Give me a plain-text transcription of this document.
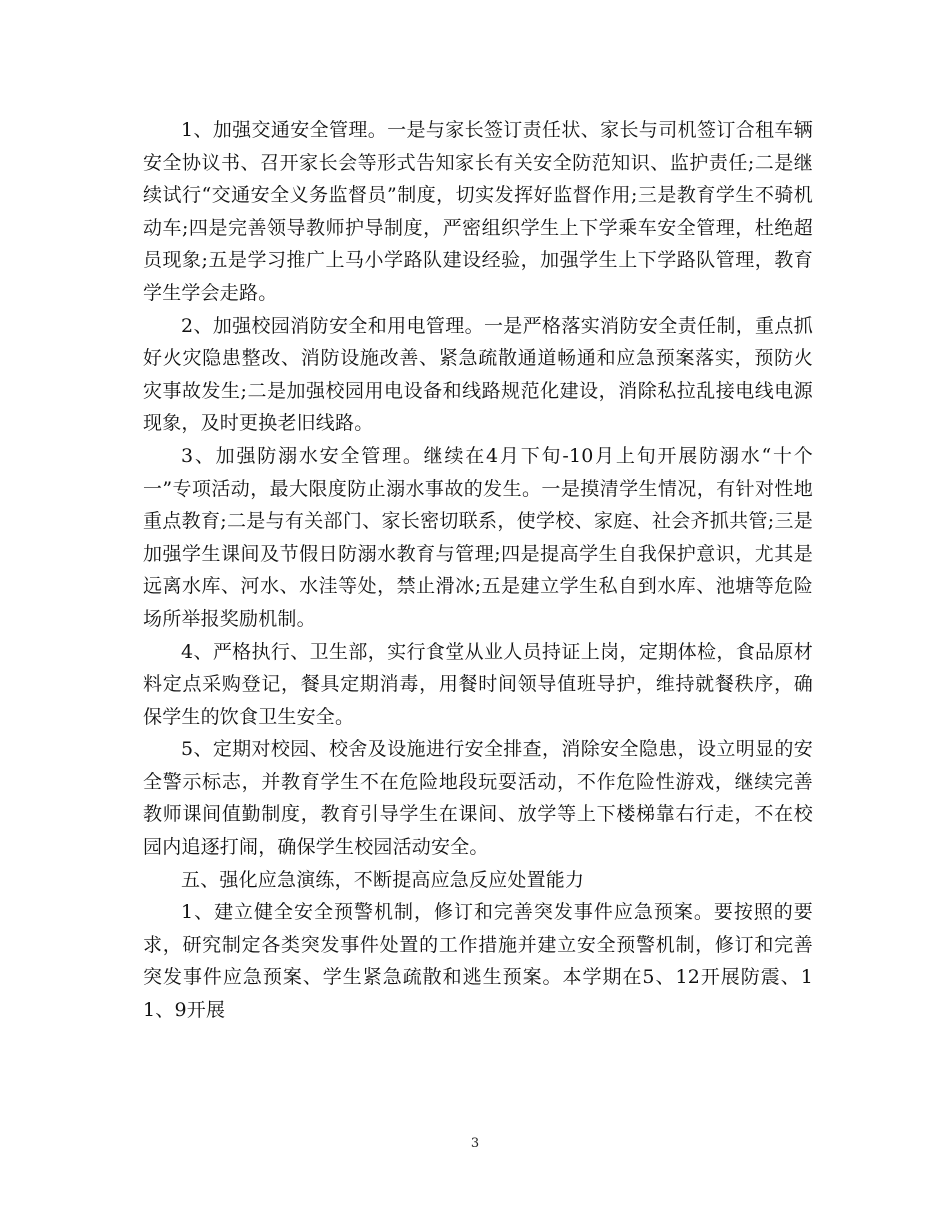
1、加强交通安全管理。一是与家长签订责任状、家长与司机签订合租车辆安全协议书、召开家长会等形式告知家长有关安全防范知识、监护责任;二是继续试行“交通安全义务监督员”制度，切实发挥好监督作用;三是教育学生不骑机动车;四是完善领导教师护导制度，严密组织学生上下学乘车安全管理，杜绝超员现象;五是学习推广上马小学路队建设经验，加强学生上下学路队管理，教育学生学会走路。

2、加强校园消防安全和用电管理。一是严格落实消防安全责任制，重点抓好火灾隐患整改、消防设施改善、紧急疏散通道畅通和应急预案落实，预防火灾事故发生;二是加强校园用电设备和线路规范化建设，消除私拉乱接电线电源现象，及时更换老旧线路。

3、加强防溺水安全管理。继续在4月下旬-10月上旬开展防溺水“十个一”专项活动，最大限度防止溺水事故的发生。一是摸清学生情况，有针对性地重点教育;二是与有关部门、家长密切联系，使学校、家庭、社会齐抓共管;三是加强学生课间及节假日防溺水教育与管理;四是提高学生自我保护意识，尤其是远离水库、河水、水洼等处，禁止滑冰;五是建立学生私自到水库、池塘等危险场所举报奖励机制。

4、严格执行、卫生部，实行食堂从业人员持证上岗，定期体检，食品原材料定点采购登记，餐具定期消毒，用餐时间领导值班导护，维持就餐秩序，确保学生的饮食卫生安全。

5、定期对校园、校舍及设施进行安全排查，消除安全隐患，设立明显的安全警示标志，并教育学生不在危险地段玩耍活动，不作危险性游戏，继续完善教师课间值勤制度，教育引导学生在课间、放学等上下楼梯靠右行走，不在校园内追逐打闹，确保学生校园活动安全。

五、强化应急演练，不断提高应急反应处置能力

1、建立健全安全预警机制，修订和完善突发事件应急预案。要按照的要求，研究制定各类突发事件处置的工作措施并建立安全预警机制，修订和完善突发事件应急预案、学生紧急疏散和逃生预案。本学期在5、12开展防震、11、9开展

3
